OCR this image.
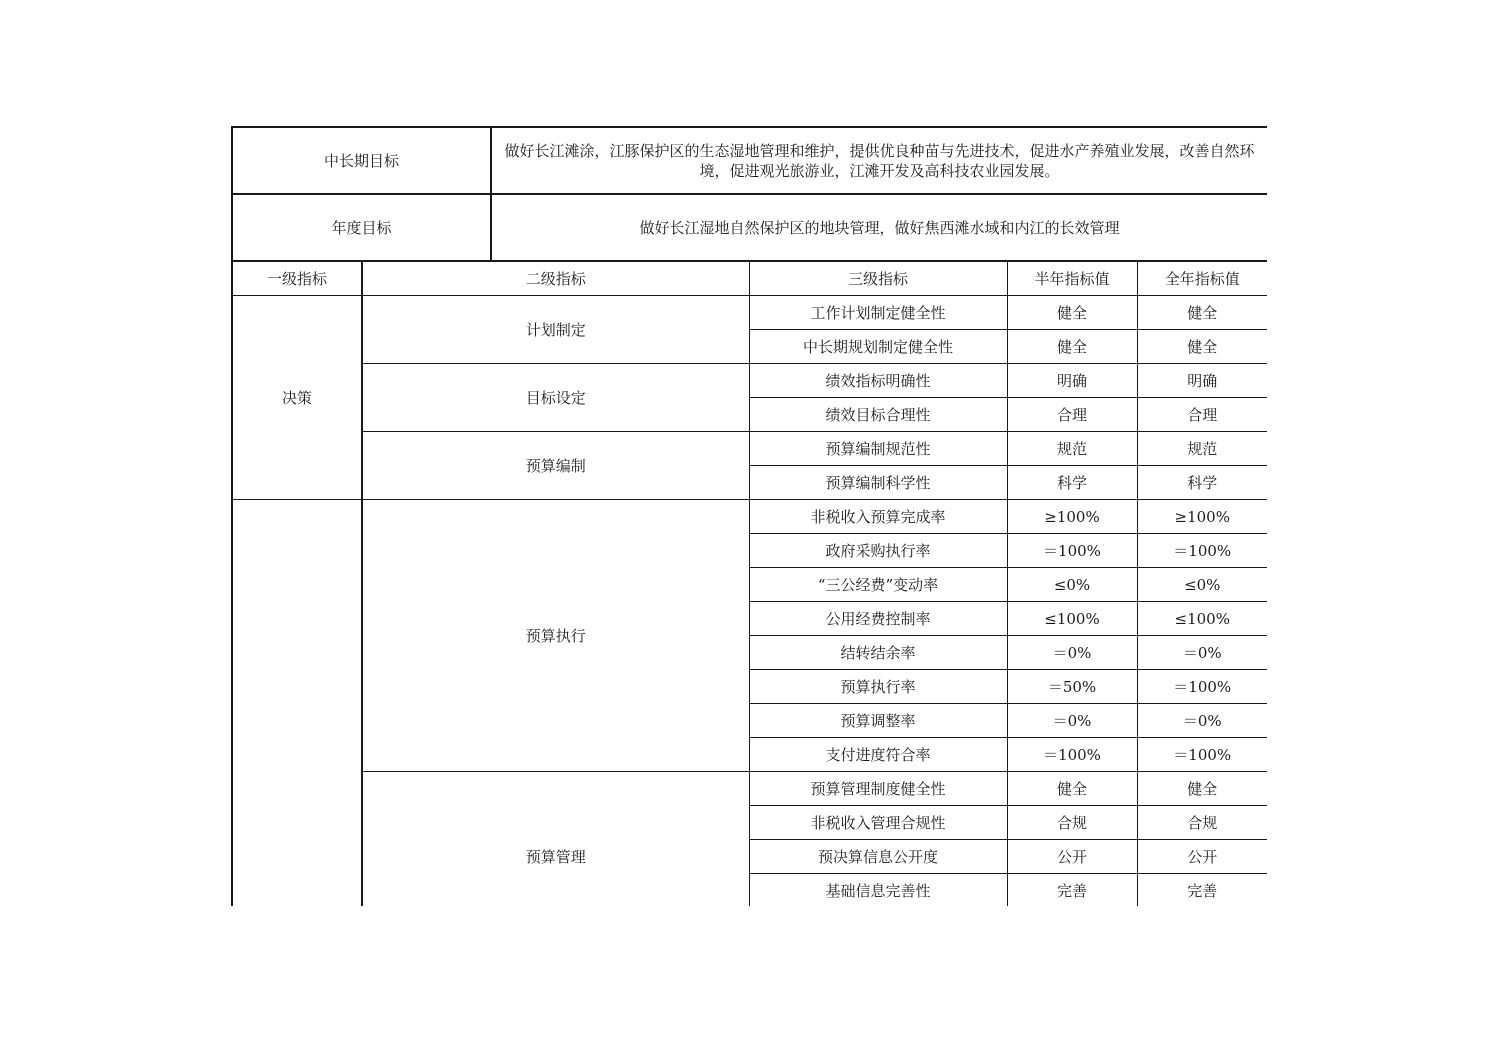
中长期目标	做好长江滩涂，江豚保护区的生态湿地管理和维护，提供优良种苗与先进技术，促进水产养殖业发展，改善自然环境，促进观光旅游业，江滩开发及高科技农业园发展。
年度目标	做好长江湿地自然保护区的地块管理，做好焦西滩水域和内江的长效管理
一级指标	二级指标	三级指标	半年指标值	全年指标值
决策	计划制定	工作计划制定健全性	健全	健全
		中长期规划制定健全性	健全	健全
	目标设定	绩效指标明确性	明确	明确
		绩效目标合理性	合理	合理
	预算编制	预算编制规范性	规范	规范
		预算编制科学性	科学	科学
	预算执行	非税收入预算完成率	≥100%	≥100%
		政府采购执行率	＝100%	＝100%
		“三公经费”变动率	≤0%	≤0%
		公用经费控制率	≤100%	≤100%
		结转结余率	＝0%	＝0%
		预算执行率	＝50%	＝100%
		预算调整率	＝0%	＝0%
		支付进度符合率	＝100%	＝100%
	预算管理	预算管理制度健全性	健全	健全
		非税收入管理合规性	合规	合规
		预决算信息公开度	公开	公开
		基础信息完善性	完善	完善
